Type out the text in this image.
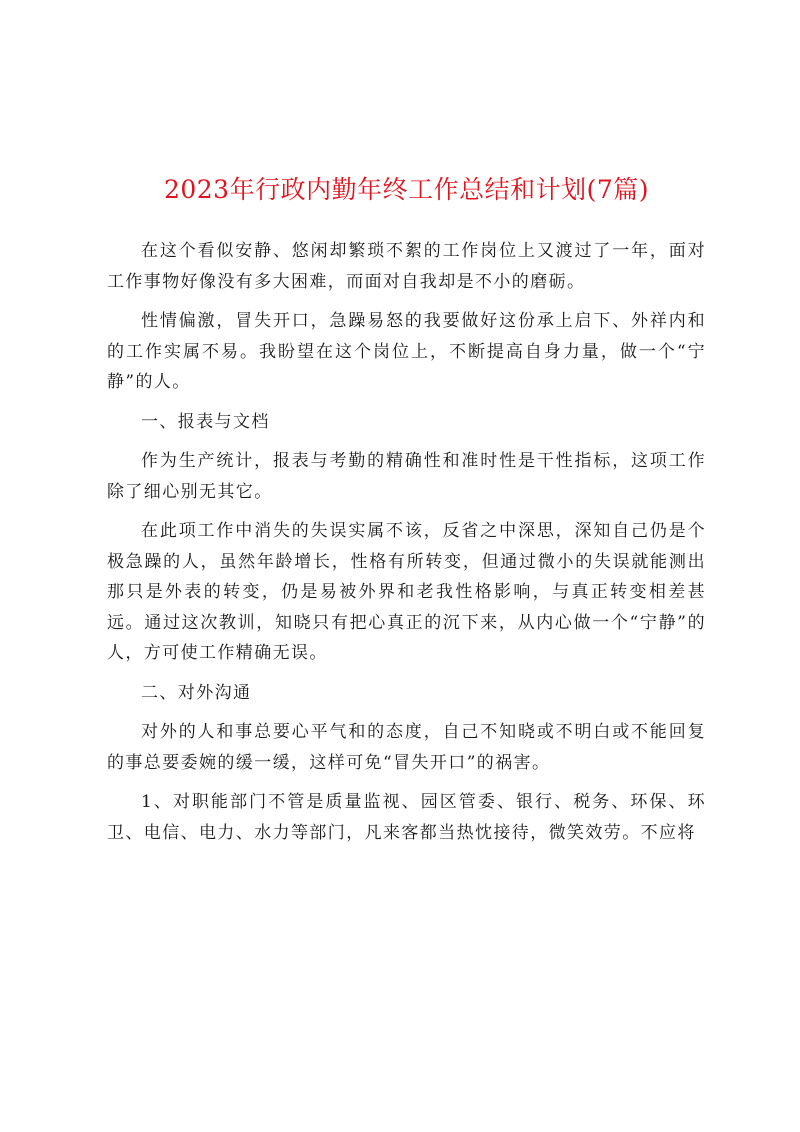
2023年行政内勤年终工作总结和计划(7篇)

在这个看似安静、悠闲却繁琐不絮的工作岗位上又渡过了一年，面对工作事物好像没有多大困难，而面对自我却是不小的磨砺。

性情偏激，冒失开口，急躁易怒的我要做好这份承上启下、外祥内和的工作实属不易。我盼望在这个岗位上，不断提高自身力量，做一个“宁静”的人。

一、报表与文档

作为生产统计，报表与考勤的精确性和准时性是干性指标，这项工作除了细心别无其它。

在此项工作中消失的失误实属不该，反省之中深思，深知自己仍是个极急躁的人，虽然年龄增长，性格有所转变，但通过微小的失误就能测出那只是外表的转变，仍是易被外界和老我性格影响，与真正转变相差甚远。通过这次教训，知晓只有把心真正的沉下来，从内心做一个“宁静”的人，方可使工作精确无误。

二、对外沟通

对外的人和事总要心平气和的态度，自己不知晓或不明白或不能回复的事总要委婉的缓一缓，这样可免“冒失开口”的祸害。

1、对职能部门不管是质量监视、园区管委、银行、税务、环保、环卫、电信、电力、水力等部门，凡来客都当热忱接待，微笑效劳。不应将
